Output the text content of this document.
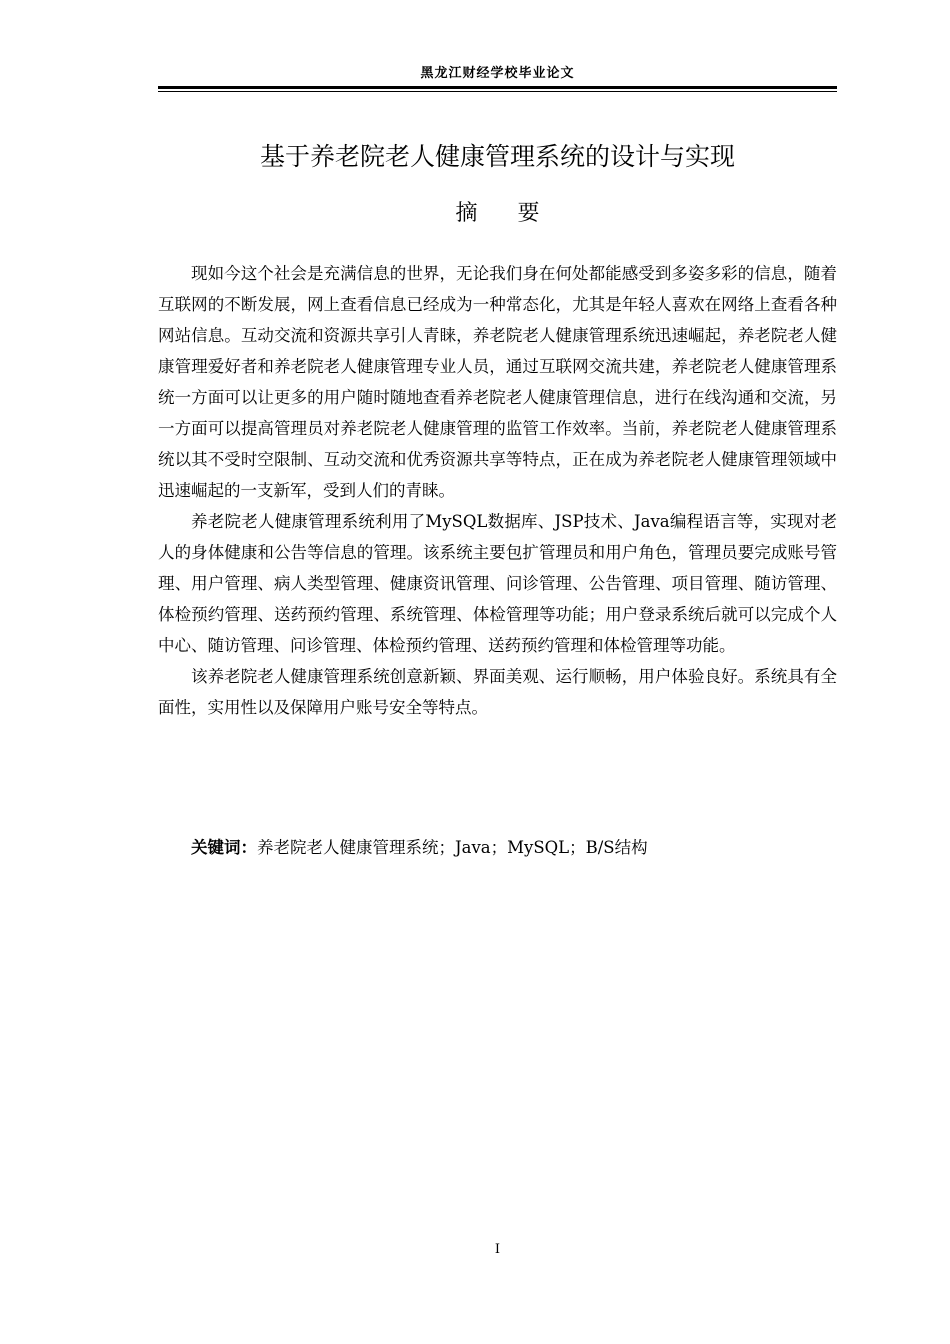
黑龙江财经学校毕业论文
基于养老院老人健康管理系统的设计与实现
摘要

现如今这个社会是充满信息的世界，无论我们身在何处都能感受到多姿多彩的信息，随着互联网的不断发展，网上查看信息已经成为一种常态化，尤其是年轻人喜欢在网络上查看各种网站信息。互动交流和资源共享引人青睐，养老院老人健康管理系统迅速崛起，养老院老人健康管理爱好者和养老院老人健康管理专业人员，通过互联网交流共建，养老院老人健康管理系统一方面可以让更多的用户随时随地查看养老院老人健康管理信息，进行在线沟通和交流，另一方面可以提高管理员对养老院老人健康管理的监管工作效率。当前，养老院老人健康管理系统以其不受时空限制、互动交流和优秀资源共享等特点，正在成为养老院老人健康管理领域中迅速崛起的一支新军，受到人们的青睐。

养老院老人健康管理系统利用了MySQL数据库、JSP技术、Java编程语言等，实现对老人的身体健康和公告等信息的管理。该系统主要包扩管理员和用户角色，管理员要完成账号管理、用户管理、病人类型管理、健康资讯管理、问诊管理、公告管理、项目管理、随访管理、体检预约管理、送药预约管理、系统管理、体检管理等功能；用户登录系统后就可以完成个人中心、随访管理、问诊管理、体检预约管理、送药预约管理和体检管理等功能。

该养老院老人健康管理系统创意新颖、界面美观、运行顺畅，用户体验良好。系统具有全面性，实用性以及保障用户账号安全等特点。

关键词：养老院老人健康管理系统；Java；MySQL；B/S结构
I
